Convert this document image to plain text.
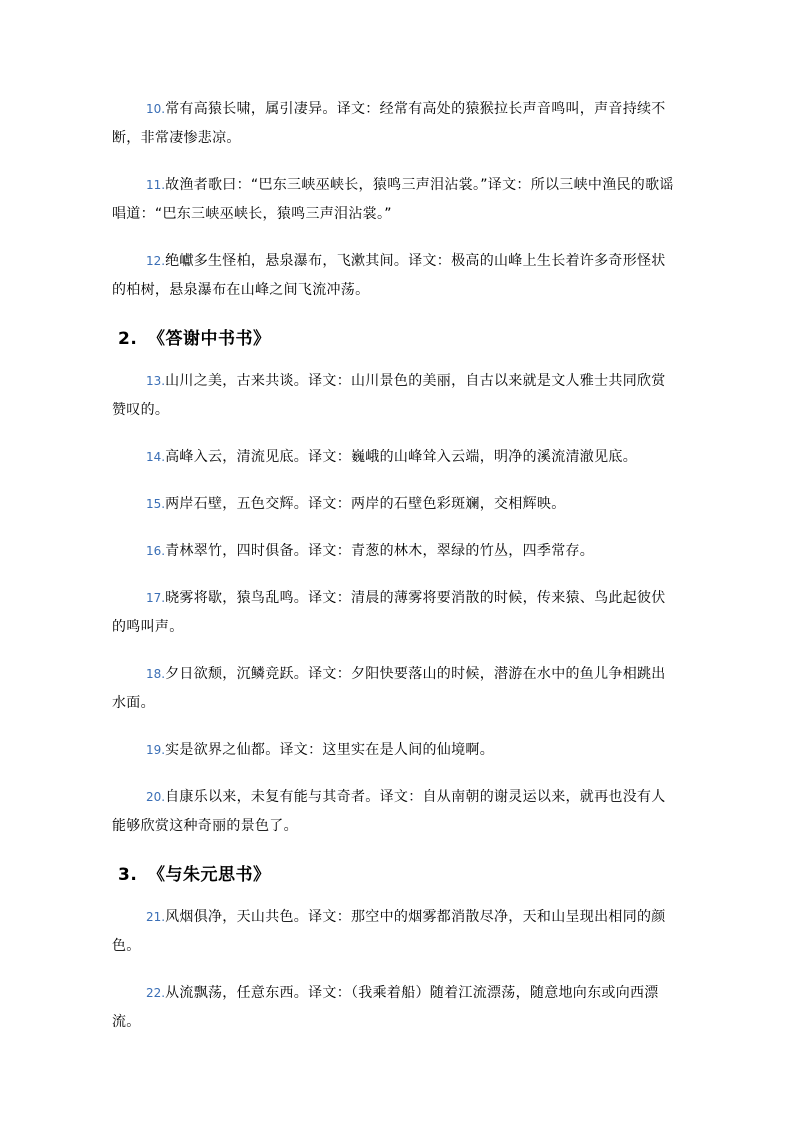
10.常有高猿长啸，属引凄异。译文：经常有高处的猿猴拉长声音鸣叫，声音持续不断，非常凄惨悲凉。

11.故渔者歌曰：“巴东三峡巫峡长，猿鸣三声泪沾裳。”译文：所以三峡中渔民的歌谣唱道：“巴东三峡巫峡长，猿鸣三声泪沾裳。”

12.绝巘多生怪柏，悬泉瀑布，飞漱其间。译文：极高的山峰上生长着许多奇形怪状的柏树，悬泉瀑布在山峰之间飞流冲荡。

2. 《答谢中书书》

13.山川之美，古来共谈。译文：山川景色的美丽，自古以来就是文人雅士共同欣赏赞叹的。

14.高峰入云，清流见底。译文：巍峨的山峰耸入云端，明净的溪流清澈见底。

15.两岸石壁，五色交辉。译文：两岸的石壁色彩斑斓，交相辉映。

16.青林翠竹，四时俱备。译文：青葱的林木，翠绿的竹丛，四季常存。

17.晓雾将歇，猿鸟乱鸣。译文：清晨的薄雾将要消散的时候，传来猿、鸟此起彼伏的鸣叫声。

18.夕日欲颓，沉鳞竞跃。译文：夕阳快要落山的时候，潜游在水中的鱼儿争相跳出水面。

19.实是欲界之仙都。译文：这里实在是人间的仙境啊。

20.自康乐以来，未复有能与其奇者。译文：自从南朝的谢灵运以来，就再也没有人能够欣赏这种奇丽的景色了。

3. 《与朱元思书》

21.风烟俱净，天山共色。译文：那空中的烟雾都消散尽净，天和山呈现出相同的颜色。

22.从流飘荡，任意东西。译文：（我乘着船）随着江流漂荡，随意地向东或向西漂流。
